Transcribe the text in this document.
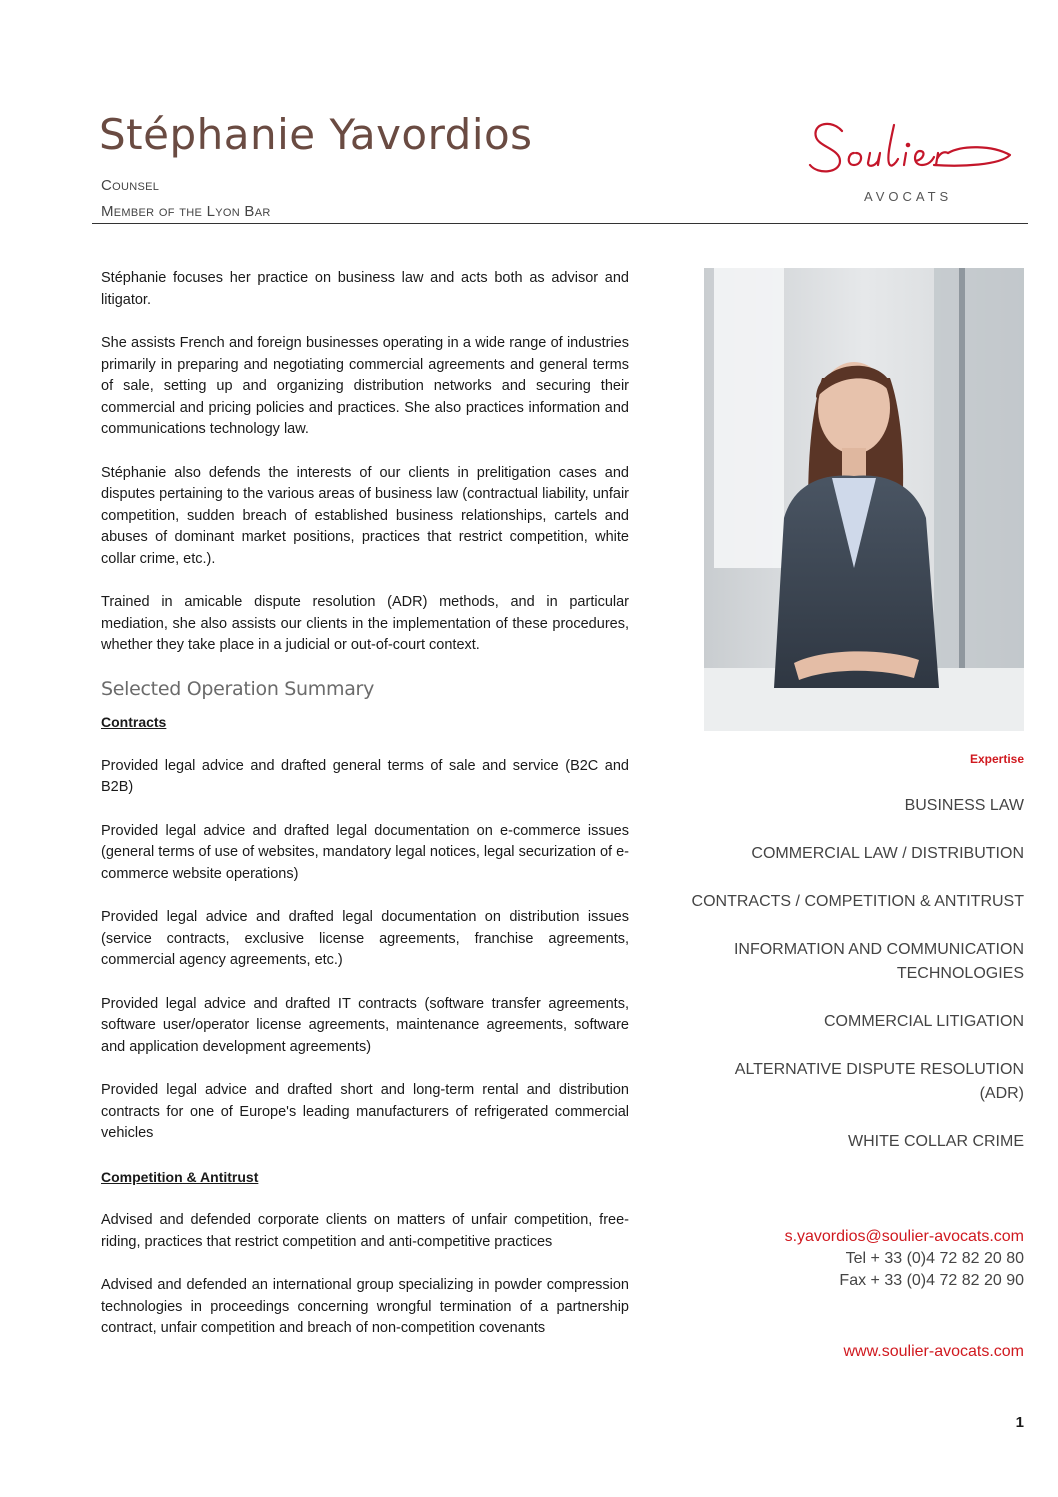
Stéphanie Yavordios
Counsel
Member of the Lyon Bar
AVOCATS

Stéphanie focuses her practice on business law and acts both as advisor and litigator.

She assists French and foreign businesses operating in a wide range of industries primarily in preparing and negotiating commercial agreements and general terms of sale, setting up and organizing distribution networks and securing their commercial and pricing policies and practices. She also practices information and communications technology law.

Stéphanie also defends the interests of our clients in prelitigation cases and disputes pertaining to the various areas of business law (contractual liability, unfair competition, sudden breach of established business relationships, cartels and abuses of dominant market positions, practices that restrict competition, white collar crime, etc.).

Trained in amicable dispute resolution (ADR) methods, and in particular mediation, she also assists our clients in the implementation of these procedures, whether they take place in a judicial or out-of-court context.

Selected Operation Summary
Contracts

Provided legal advice and drafted general terms of sale and service (B2C and B2B)

Provided legal advice and drafted legal documentation on e-commerce issues (general terms of use of websites, mandatory legal notices, legal securization of e-commerce website operations)

Provided legal advice and drafted legal documentation on distribution issues (service contracts, exclusive license agreements, franchise agreements, commercial agency agreements, etc.)

Provided legal advice and drafted IT contracts (software transfer agreements, software user/operator license agreements, maintenance agreements, software and application development agreements)

Provided legal advice and drafted short and long-term rental and distribution contracts for one of Europe's leading manufacturers of refrigerated commercial vehicles

Competition & Antitrust

Advised and defended corporate clients on matters of unfair competition, free-riding, practices that restrict competition and anti-competitive practices

Advised and defended an international group specializing in powder compression technologies in proceedings concerning wrongful termination of a partnership contract, unfair competition and breach of non-competition covenants

Expertise
BUSINESS LAW
COMMERCIAL LAW / DISTRIBUTION
CONTRACTS / COMPETITION & ANTITRUST
INFORMATION AND COMMUNICATION TECHNOLOGIES
COMMERCIAL LITIGATION
ALTERNATIVE DISPUTE RESOLUTION (ADR)
WHITE COLLAR CRIME
s.yavordios@soulier-avocats.com
Tel + 33 (0)4 72 82 20 80
Fax + 33 (0)4 72 82 20 90
www.soulier-avocats.com
1
